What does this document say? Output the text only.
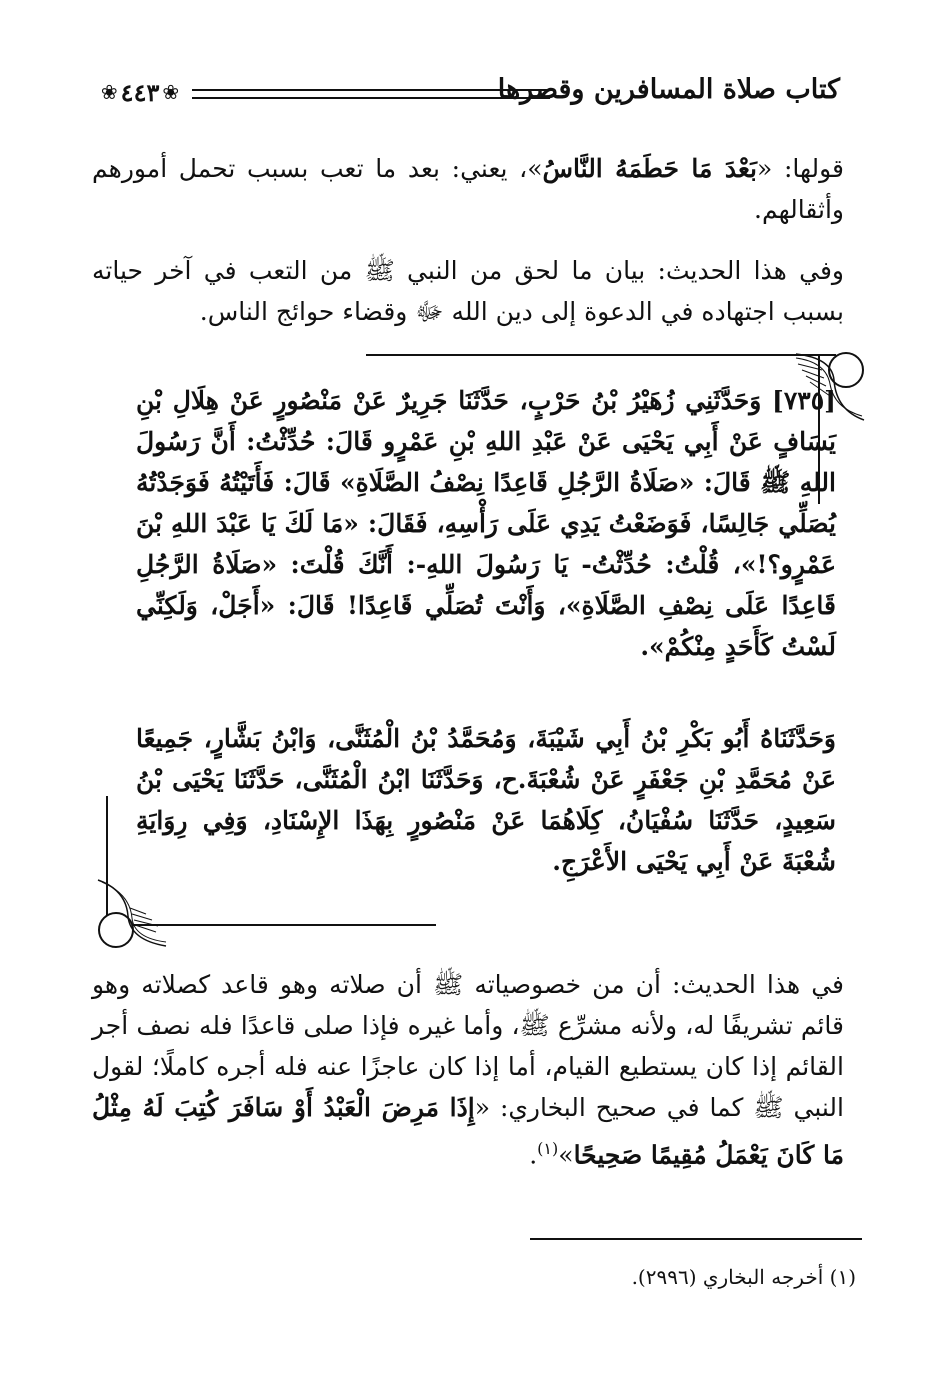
كتاب صلاة المسافرين وقصرها
❀
٤٤٣
❀
قولها: «بَعْدَ مَا حَطَمَهُ النَّاسُ»، يعني: بعد ما تعب بسبب تحمل أمورهم وأثقالهم.
وفي هذا الحديث: بيان ما لحق من النبي ﷺ من التعب في آخر حياته بسبب اجتهاده في الدعوة إلى دين الله ﷻ وقضاء حوائج الناس.
[٧٣٥] وَحَدَّثَنِي زُهَيْرُ بْنُ حَرْبٍ، حَدَّثَنَا جَرِيرٌ عَنْ مَنْصُورٍ عَنْ هِلَالِ بْنِ يَسَافٍ عَنْ أَبِي يَحْيَى عَنْ عَبْدِ اللهِ بْنِ عَمْرٍو قَالَ: حُدِّثْتُ: أَنَّ رَسُولَ اللهِ ﷺ قَالَ: «صَلَاةُ الرَّجُلِ قَاعِدًا نِصْفُ الصَّلَاةِ» قَالَ: فَأَتَيْتُهُ فَوَجَدْتُهُ يُصَلِّي جَالِسًا، فَوَضَعْتُ يَدِي عَلَى رَأْسِهِ، فَقَالَ: «مَا لَكَ يَا عَبْدَ اللهِ بْنَ عَمْرٍو؟!»، قُلْتُ: حُدِّثْتُ- يَا رَسُولَ اللهِ-: أَنَّكَ قُلْتَ: «صَلَاةُ الرَّجُلِ قَاعِدًا عَلَى نِصْفِ الصَّلَاةِ»، وَأَنْتَ تُصَلِّي قَاعِدًا! قَالَ: «أَجَلْ، وَلَكِنِّي لَسْتُ كَأَحَدٍ مِنْكُمْ».
وَحَدَّثَنَاهُ أَبُو بَكْرِ بْنُ أَبِي شَيْبَةَ، وَمُحَمَّدُ بْنُ الْمُثَنَّى، وَابْنُ بَشَّارٍ، جَمِيعًا عَنْ مُحَمَّدِ بْنِ جَعْفَرٍ عَنْ شُعْبَةَ.ح، وَحَدَّثَنَا ابْنُ الْمُثَنَّى، حَدَّثَنَا يَحْيَى بْنُ سَعِيدٍ، حَدَّثَنَا سُفْيَانُ، كِلَاهُمَا عَنْ مَنْصُورٍ بِهَذَا الإِسْنَادِ، وَفِي رِوَايَةِ شُعْبَةَ عَنْ أَبِي يَحْيَى الأَعْرَجِ.
في هذا الحديث: أن من خصوصياته ﷺ أن صلاته وهو قاعد كصلاته وهو قائم تشريفًا له، ولأنه مشرِّع ﷺ، وأما غيره فإذا صلى قاعدًا فله نصف أجر القائم إذا كان يستطيع القيام، أما إذا كان عاجزًا عنه فله أجره كاملًا؛ لقول النبي ﷺ كما في صحيح البخاري: «إِذَا مَرِضَ الْعَبْدُ أَوْ سَافَرَ كُتِبَ لَهُ مِثْلُ مَا كَانَ يَعْمَلُ مُقِيمًا صَحِيحًا»$^{(١)}$.
(١) أخرجه البخاري (٢٩٩٦).
